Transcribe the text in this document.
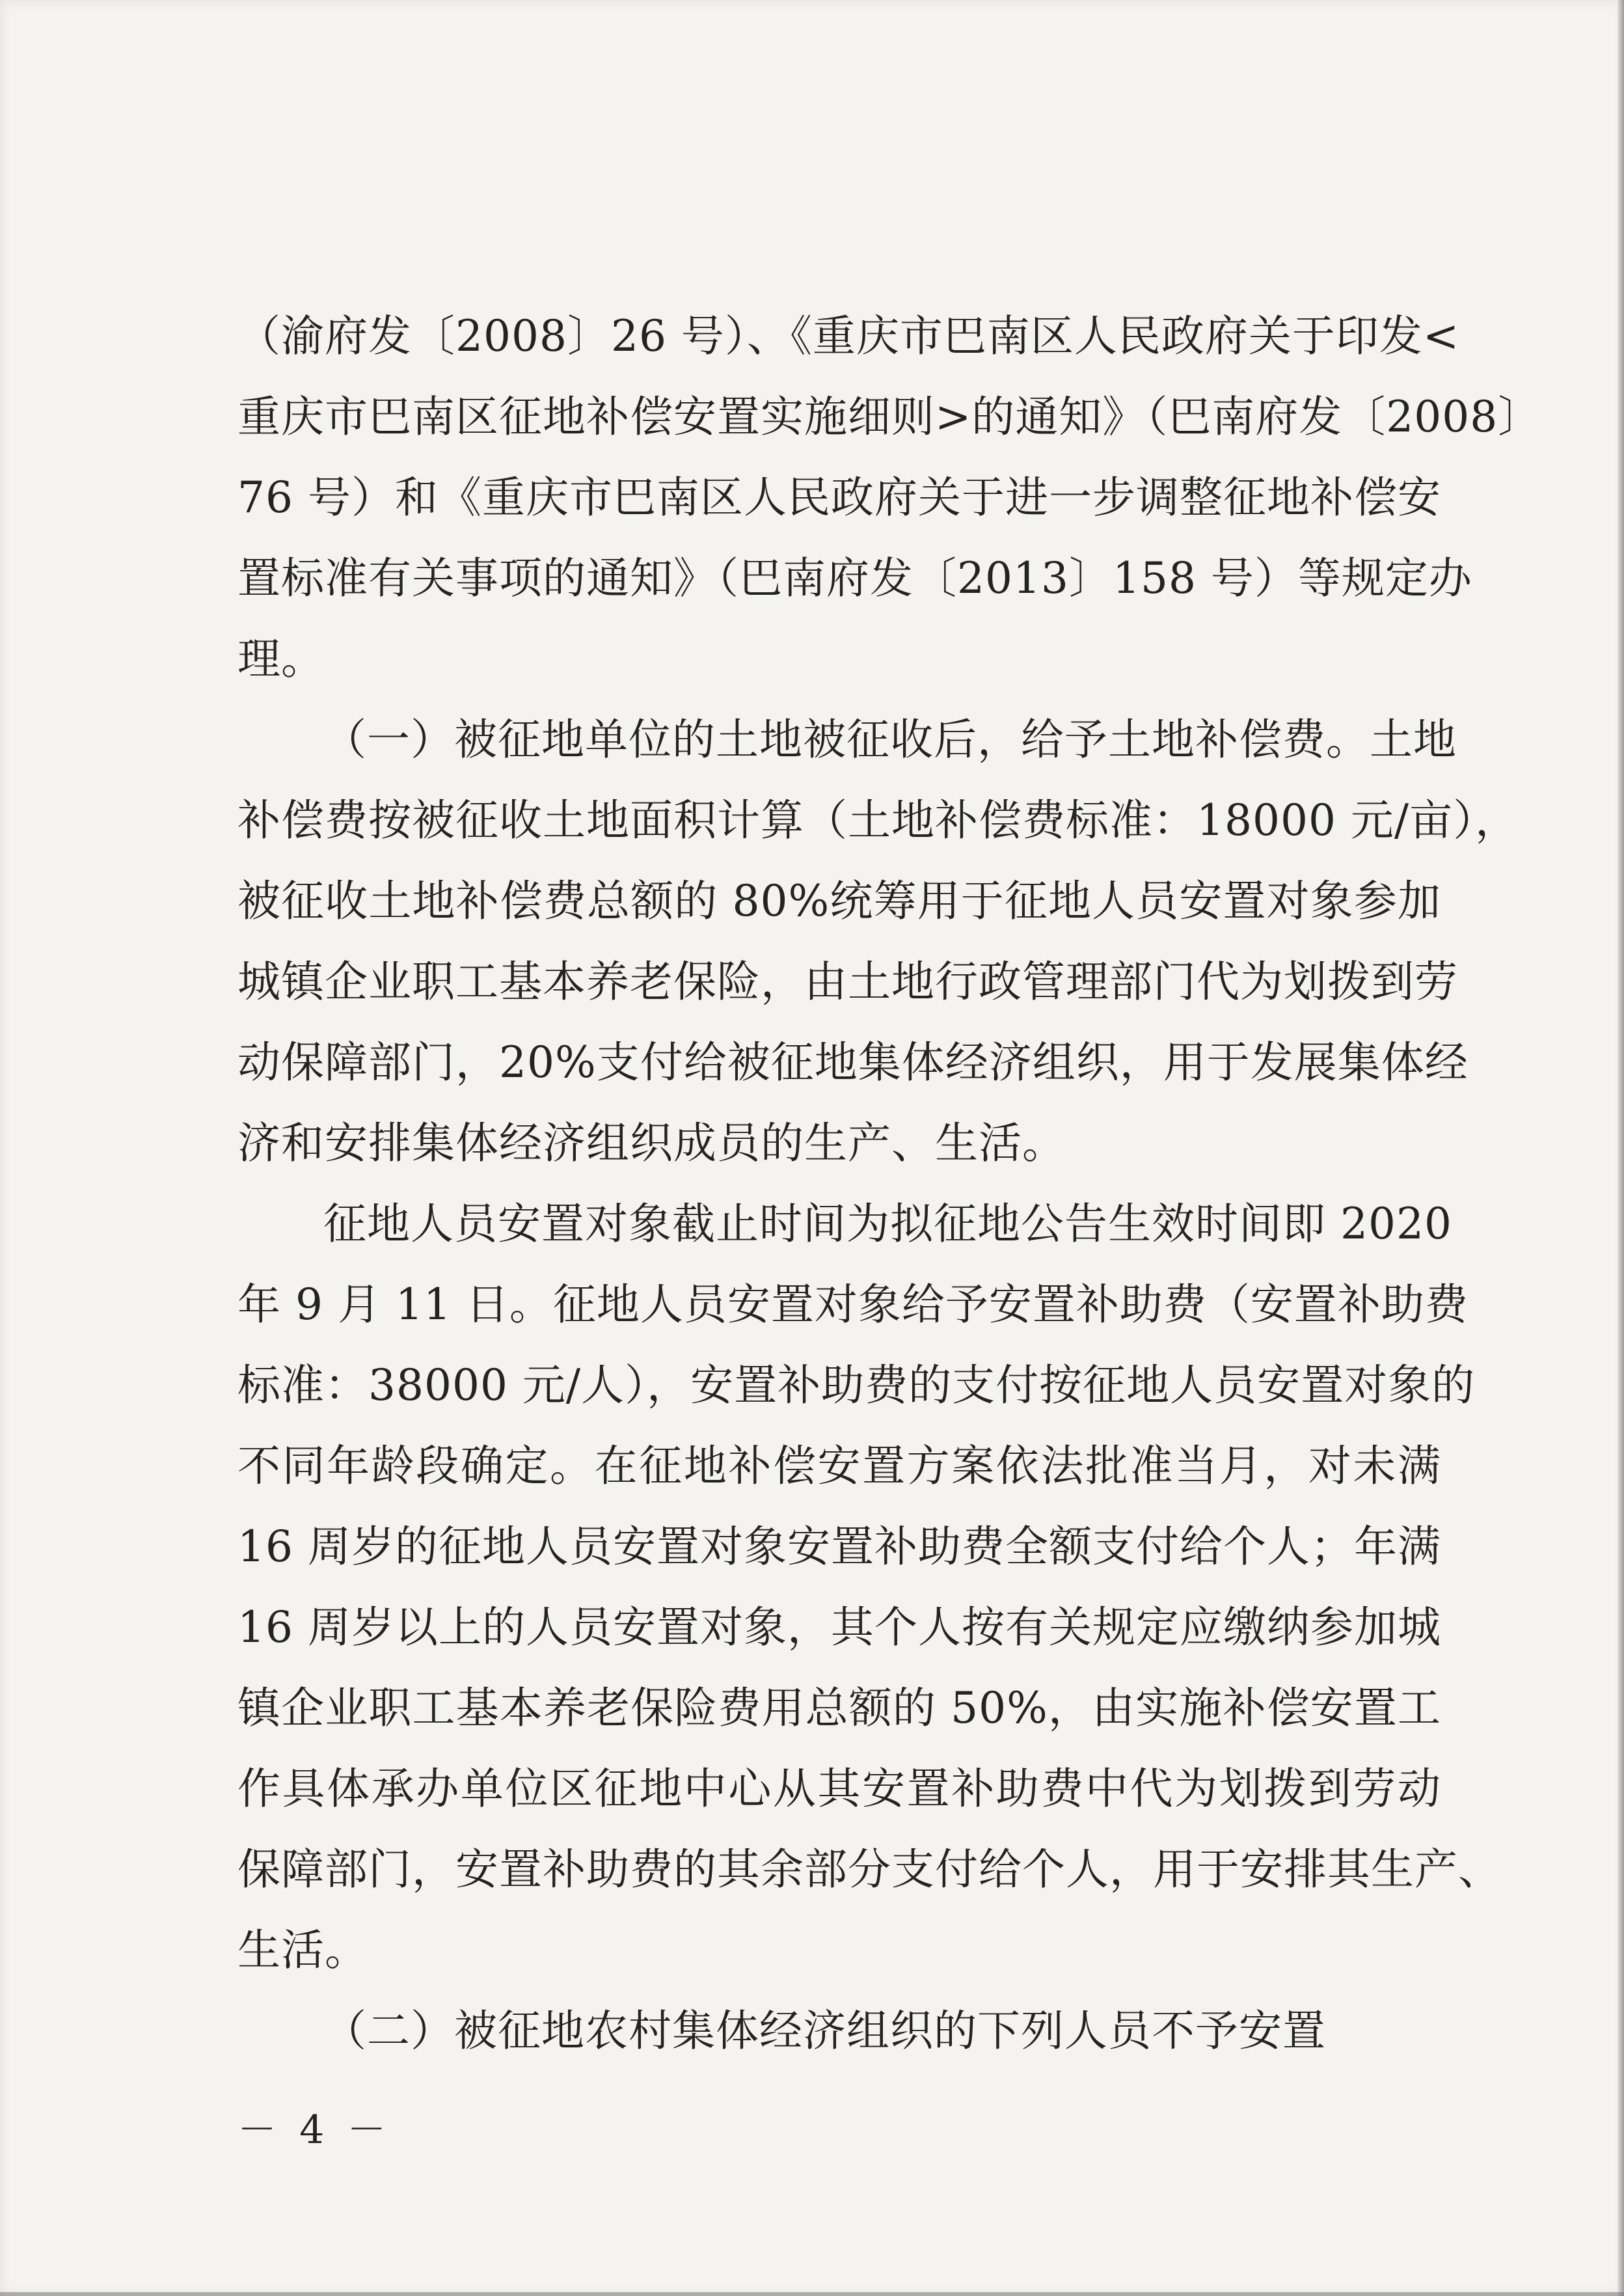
（渝府发〔2008〕26 号）、《重庆市巴南区人民政府关于印发<
重庆市巴南区征地补偿安置实施细则>的通知》（巴南府发〔2008〕
76 号）和《重庆市巴南区人民政府关于进一步调整征地补偿安
置标准有关事项的通知》（巴南府发〔2013〕158 号）等规定办
理。
（一）被征地单位的土地被征收后，给予土地补偿费。土地
补偿费按被征收土地面积计算（土地补偿费标准：18000 元/亩），
被征收土地补偿费总额的 80%统筹用于征地人员安置对象参加
城镇企业职工基本养老保险，由土地行政管理部门代为划拨到劳
动保障部门，20%支付给被征地集体经济组织，用于发展集体经
济和安排集体经济组织成员的生产、生活。
征地人员安置对象截止时间为拟征地公告生效时间即 2020
年 9 月 11 日。征地人员安置对象给予安置补助费（安置补助费
标准：38000 元/人），安置补助费的支付按征地人员安置对象的
不同年龄段确定。在征地补偿安置方案依法批准当月，对未满
16 周岁的征地人员安置对象安置补助费全额支付给个人；年满
16 周岁以上的人员安置对象，其个人按有关规定应缴纳参加城
镇企业职工基本养老保险费用总额的 50%，由实施补偿安置工
作具体承办单位区征地中心从其安置补助费中代为划拨到劳动
保障部门，安置补助费的其余部分支付给个人，用于安排其生产、
生活。
（二）被征地农村集体经济组织的下列人员不予安置
－ 4 －
